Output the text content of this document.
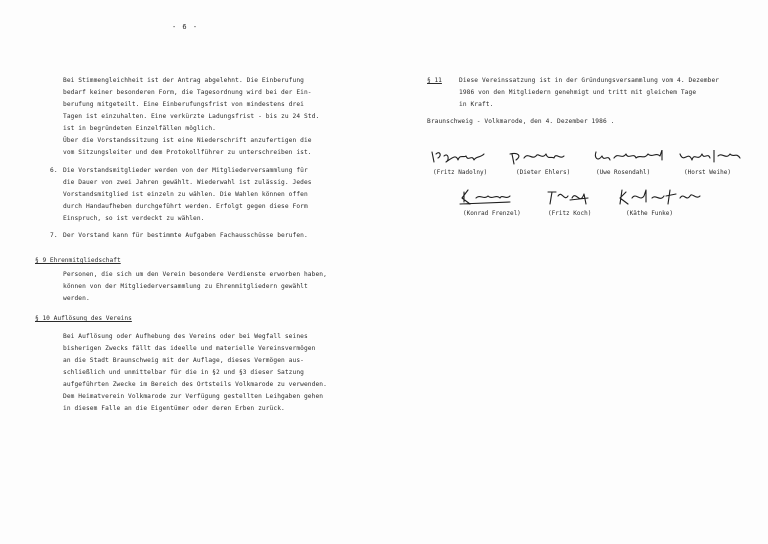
- 6 -
Bei Stimmengleichheit ist der Antrag abgelehnt. Die Einberufung
bedarf keiner besonderen Form, die Tagesordnung wird bei der Ein-
berufung mitgeteilt. Eine Einberufungsfrist von mindestens drei
Tagen ist einzuhalten. Eine verkürzte Ladungsfrist - bis zu 24 Std.
ist in begründeten Einzelfällen möglich.
Über die Vorstandssitzung ist eine Niederschrift anzufertigen die
vom Sitzungsleiter und dem Protokollführer zu unterschreiben ist.
6. Die Vorstandsmitglieder werden von der Mitgliederversammlung für
die Dauer von zwei Jahren gewählt. Wiederwahl ist zulässig. Jedes
Vorstandsmitglied ist einzeln zu wählen. Die Wahlen können offen
durch Handaufheben durchgeführt werden. Erfolgt gegen diese Form
Einspruch, so ist verdeckt zu wählen.
7. Der Vorstand kann für bestimmte Aufgaben Fachausschüsse berufen.
§ 9 Ehrenmitgliedschaft
Personen, die sich um den Verein besondere Verdienste erworben haben,
können von der Mitgliederversammlung zu Ehrenmitgliedern gewählt
werden.
§ 10 Auflösung des Vereins
Bei Auflösung oder Aufhebung des Vereins oder bei Wegfall seines
bisherigen Zwecks fällt das ideelle und materielle Vereinsvermögen
an die Stadt Braunschweig mit der Auflage, dieses Vermögen aus-
schließlich und unmittelbar für die in §2 und §3 dieser Satzung
aufgeführten Zwecke im Bereich des Ortsteils Volkmarode zu verwenden.
Dem Heimatverein Volkmarode zur Verfügung gestellten Leihgaben gehen
in diesem Falle an die Eigentümer oder deren Erben zurück.
§ 11	Diese Vereinssatzung ist in der Gründungsversammlung vom 4. Dezember
1986 von den Mitgliedern genehmigt und tritt mit gleichem Tage
in Kraft.
Braunschweig - Volkmarode, den 4. Dezember 1986 .
(Fritz Nadolny)	(Dieter Ehlers)	(Uwe Rosendahl)	(Horst Weihe)
(Konrad Frenzel)	(Fritz Koch)	(Käthe Funke)
